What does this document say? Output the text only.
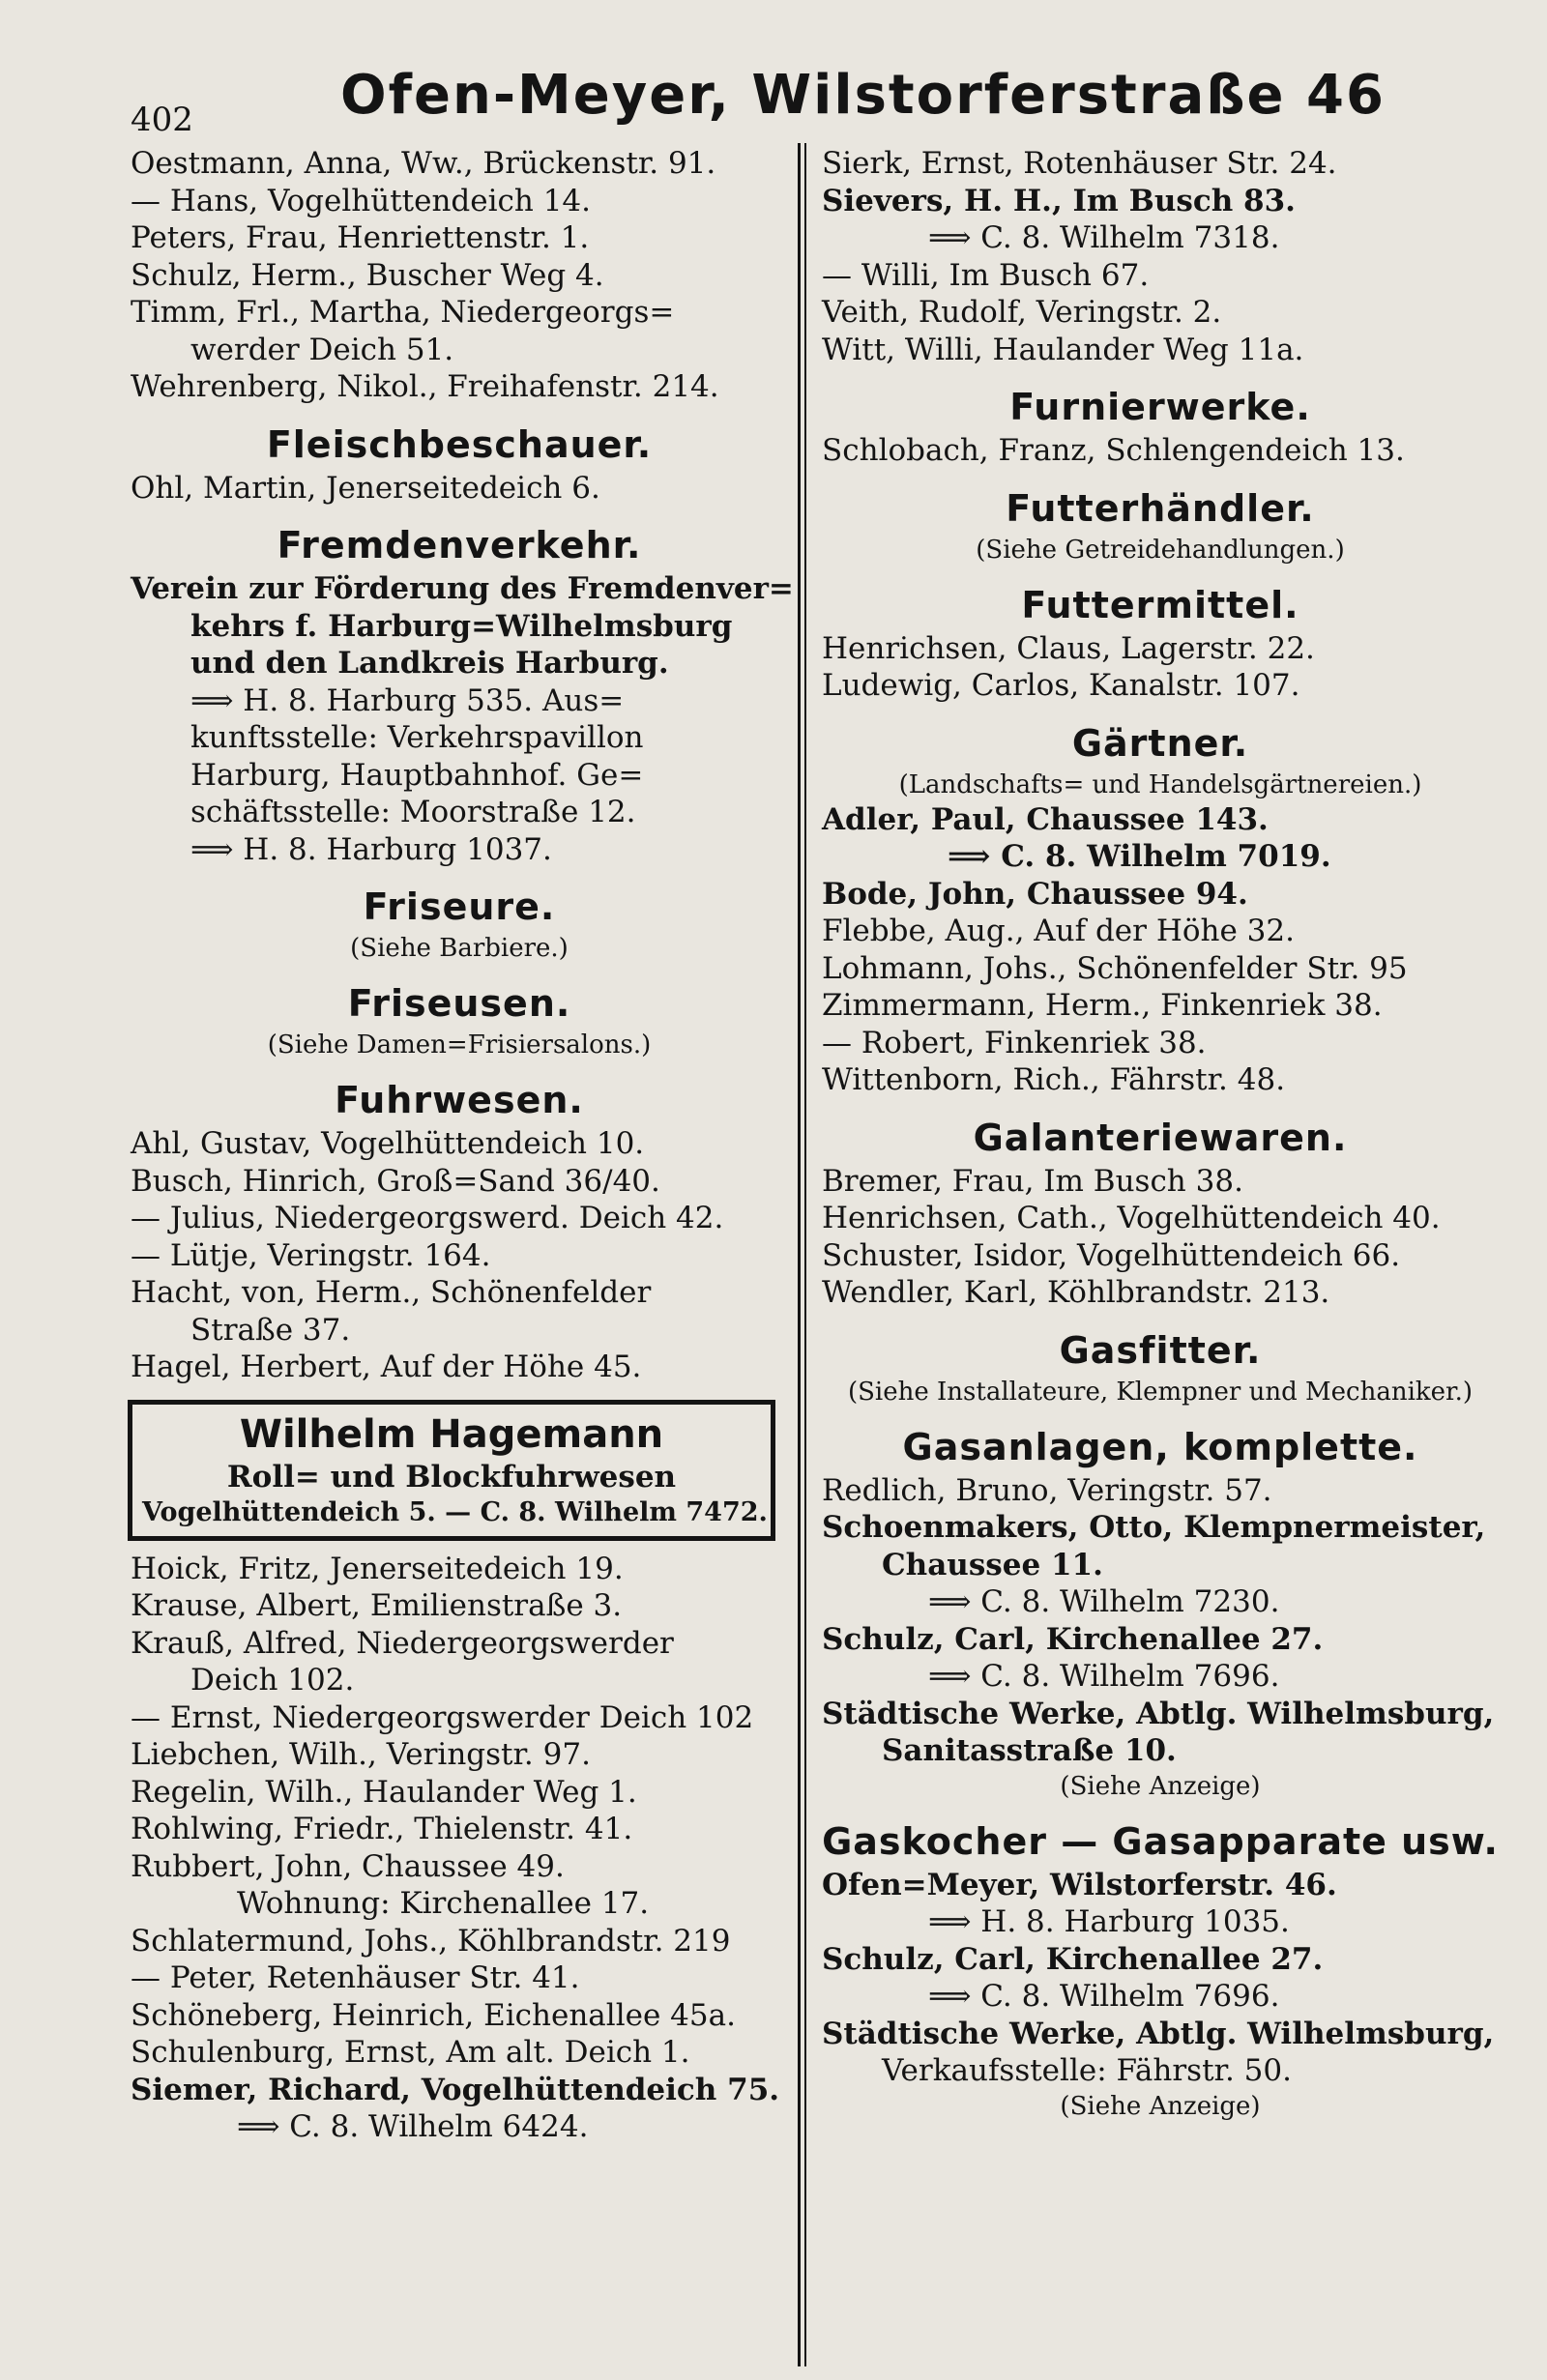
402	Ofen-Meyer, Wilstorferstraße 46
Oestmann, Anna, Ww., Brückenstr. 91.
— Hans, Vogelhüttendeich 14.
Peters, Frau, Henriettenstr. 1.
Schulz, Herm., Buscher Weg 4.
Timm, Frl., Martha, Niedergeorgs=
werder Deich 51.
Wehrenberg, Nikol., Freihafenstr. 214.
Fleischbeschauer.
Ohl, Martin, Jenerseitedeich 6.
Fremdenverkehr.
Verein zur Förderung des Fremdenver=
kehrs f. Harburg=Wilhelmsburg
und den Landkreis Harburg.
⟹ H. 8. Harburg 535. Aus=
kunftsstelle: Verkehrspavillon
Harburg, Hauptbahnhof. Ge=
schäftsstelle: Moorstraße 12.
⟹ H. 8. Harburg 1037.
Friseure.
(Siehe Barbiere.)
Friseusen.
(Siehe Damen=Frisiersalons.)
Fuhrwesen.
Ahl, Gustav, Vogelhüttendeich 10.
Busch, Hinrich, Groß=Sand 36/40.
— Julius, Niedergeorgswerd. Deich 42.
— Lütje, Veringstr. 164.
Hacht, von, Herm., Schönenfelder
Straße 37.
Hagel, Herbert, Auf der Höhe 45.
Wilhelm Hagemann
Roll= und Blockfuhrwesen
Vogelhüttendeich 5. — C. 8. Wilhelm 7472.
Hoick, Fritz, Jenerseitedeich 19.
Krause, Albert, Emilienstraße 3.
Krauß, Alfred, Niedergeorgswerder
Deich 102.
— Ernst, Niedergeorgswerder Deich 102
Liebchen, Wilh., Veringstr. 97.
Regelin, Wilh., Haulander Weg 1.
Rohlwing, Friedr., Thielenstr. 41.
Rubbert, John, Chaussee 49.
Wohnung: Kirchenallee 17.
Schlatermund, Johs., Köhlbrandstr. 219
— Peter, Retenhäuser Str. 41.
Schöneberg, Heinrich, Eichenallee 45a.
Schulenburg, Ernst, Am alt. Deich 1.
Siemer, Richard, Vogelhüttendeich 75.
⟹ C. 8. Wilhelm 6424.
Sierk, Ernst, Rotenhäuser Str. 24.
Sievers, H. H., Im Busch 83.
⟹ C. 8. Wilhelm 7318.
— Willi, Im Busch 67.
Veith, Rudolf, Veringstr. 2.
Witt, Willi, Haulander Weg 11a.
Furnierwerke.
Schlobach, Franz, Schlengendeich 13.
Futterhändler.
(Siehe Getreidehandlungen.)
Futtermittel.
Henrichsen, Claus, Lagerstr. 22.
Ludewig, Carlos, Kanalstr. 107.
Gärtner.
(Landschafts= und Handelsgärtnereien.)
Adler, Paul, Chaussee 143.
⟹ C. 8. Wilhelm 7019.
Bode, John, Chaussee 94.
Flebbe, Aug., Auf der Höhe 32.
Lohmann, Johs., Schönenfelder Str. 95
Zimmermann, Herm., Finkenriek 38.
— Robert, Finkenriek 38.
Wittenborn, Rich., Fährstr. 48.
Galanteriewaren.
Bremer, Frau, Im Busch 38.
Henrichsen, Cath., Vogelhüttendeich 40.
Schuster, Isidor, Vogelhüttendeich 66.
Wendler, Karl, Köhlbrandstr. 213.
Gasfitter.
(Siehe Installateure, Klempner und Mechaniker.)
Gasanlagen, komplette.
Redlich, Bruno, Veringstr. 57.
Schoenmakers, Otto, Klempnermeister,
Chaussee 11.
⟹ C. 8. Wilhelm 7230.
Schulz, Carl, Kirchenallee 27.
⟹ C. 8. Wilhelm 7696.
Städtische Werke, Abtlg. Wilhelmsburg,
Sanitasstraße 10.
(Siehe Anzeige)
Gaskocher — Gasapparate usw.
Ofen=Meyer, Wilstorferstr. 46.
⟹ H. 8. Harburg 1035.
Schulz, Carl, Kirchenallee 27.
⟹ C. 8. Wilhelm 7696.
Städtische Werke, Abtlg. Wilhelmsburg,
Verkaufsstelle: Fährstr. 50.
(Siehe Anzeige)
